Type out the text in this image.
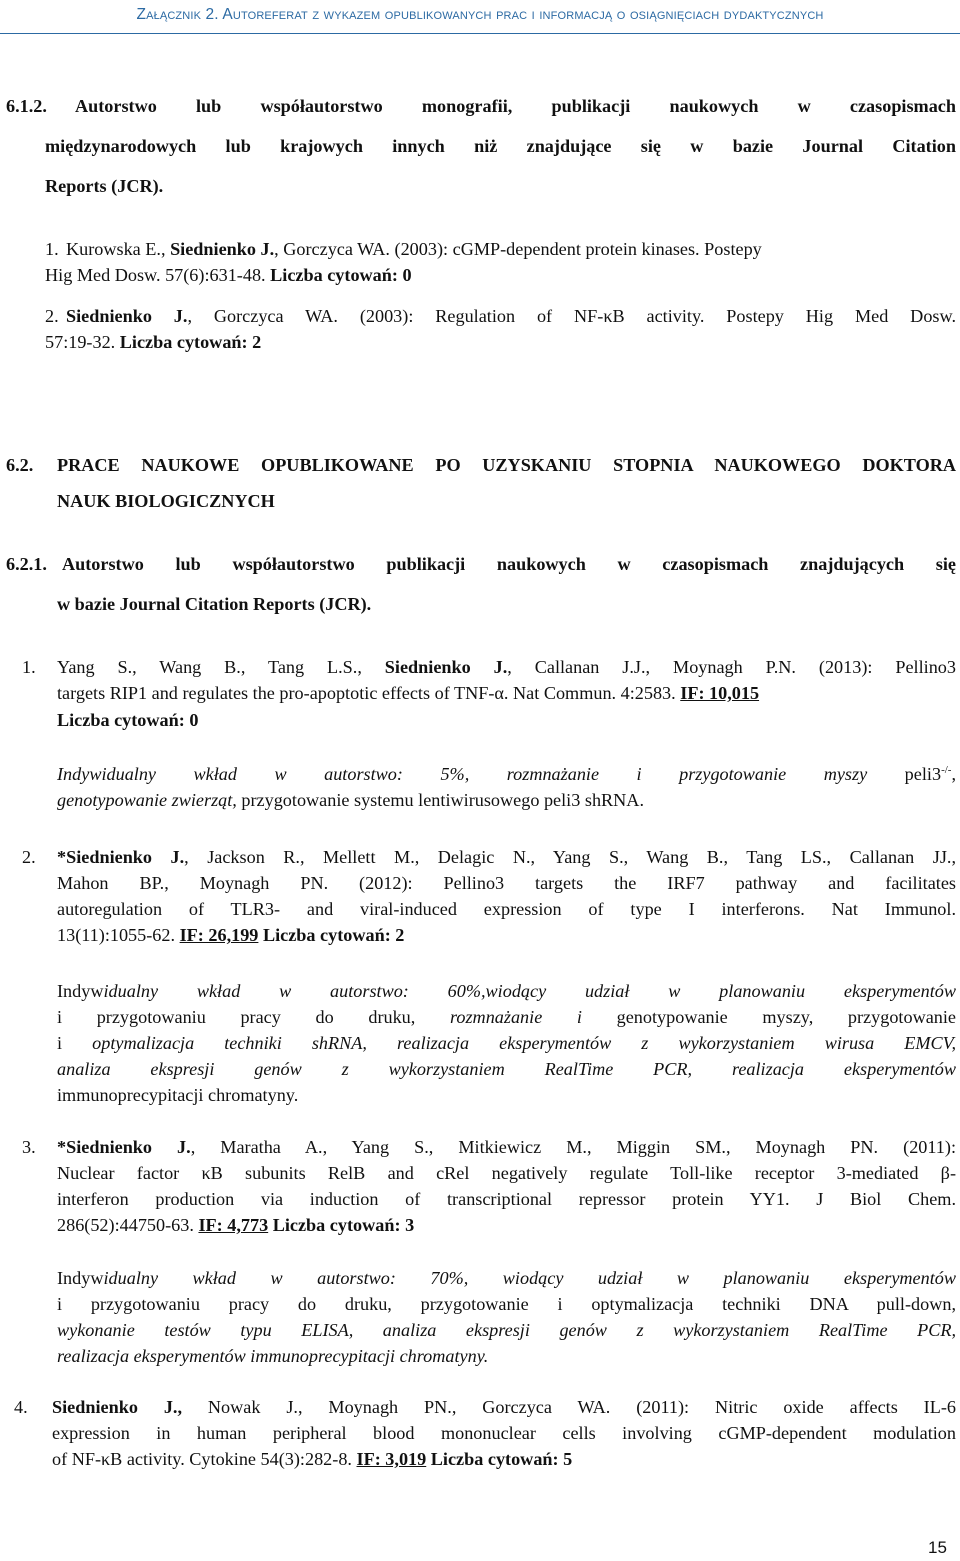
Załącznik 2. Autoreferat z wykazem opublikowanych prac i informacją o osiągnięciach dydaktycznych
6.1.2. Autorstwo lub współautorstwo monografii, publikacji naukowych w czasopismach
międzynarodowych lub krajowych innych niż znajdujące się w bazie Journal Citation
Reports (JCR).
1. Kurowska E., Siednienko J., Gorczyca WA. (2003): cGMP-dependent protein kinases. Postepy
Hig Med Dosw. 57(6):631-48. Liczba cytowań: 0
2. Siednienko J., Gorczyca WA. (2003): Regulation of NF-κB activity. Postepy Hig Med Dosw.
57:19-32. Liczba cytowań: 2
6.2. PRACE NAUKOWE OPUBLIKOWANE PO UZYSKANIU STOPNIA NAUKOWEGO DOKTORA
NAUK BIOLOGICZNYCH
6.2.1. Autorstwo lub współautorstwo publikacji naukowych w czasopismach znajdujących się
w bazie Journal Citation Reports (JCR).
1. Yang S., Wang B., Tang L.S., Siednienko J., Callanan J.J., Moynagh P.N. (2013): Pellino3
targets RIP1 and regulates the pro-apoptotic effects of TNF-α. Nat Commun. 4:2583. IF: 10,015
Liczba cytowań: 0
Indywidualny wkład w autorstwo: 5%, rozmnażanie i przygotowanie myszy peli3-/-,
genotypowanie zwierząt, przygotowanie systemu lentiwirusowego peli3 shRNA.
2. *Siednienko J., Jackson R., Mellett M., Delagic N., Yang S., Wang B., Tang LS., Callanan JJ.,
Mahon BP., Moynagh PN. (2012): Pellino3 targets the IRF7 pathway and facilitates
autoregulation of TLR3- and viral-induced expression of type I interferons. Nat Immunol.
13(11):1055-62. IF: 26,199 Liczba cytowań: 2
Indywidualny wkład w autorstwo: 60%,wiodący udział w planowaniu eksperymentów
i przygotowaniu pracy do druku, rozmnażanie i genotypowanie myszy, przygotowanie
i optymalizacja techniki shRNA, realizacja eksperymentów z wykorzystaniem wirusa EMCV,
analiza ekspresji genów z wykorzystaniem RealTime PCR, realizacja eksperymentów
immunoprecypitacji chromatyny.
3. *Siednienko J., Maratha A., Yang S., Mitkiewicz M., Miggin SM., Moynagh PN. (2011):
Nuclear factor κB subunits RelB and cRel negatively regulate Toll-like receptor 3-mediated β-
interferon production via induction of transcriptional repressor protein YY1. J Biol Chem.
286(52):44750-63. IF: 4,773 Liczba cytowań: 3
Indywidualny wkład w autorstwo: 70%, wiodący udział w planowaniu eksperymentów
i przygotowaniu pracy do druku, przygotowanie i optymalizacja techniki DNA pull-down,
wykonanie testów typu ELISA, analiza ekspresji genów z wykorzystaniem RealTime PCR,
realizacja eksperymentów immunoprecypitacji chromatyny.
4. Siednienko J., Nowak J., Moynagh PN., Gorczyca WA. (2011): Nitric oxide affects IL-6
expression in human peripheral blood mononuclear cells involving cGMP-dependent modulation
of NF-κB activity. Cytokine 54(3):282-8. IF: 3,019 Liczba cytowań: 5
15
